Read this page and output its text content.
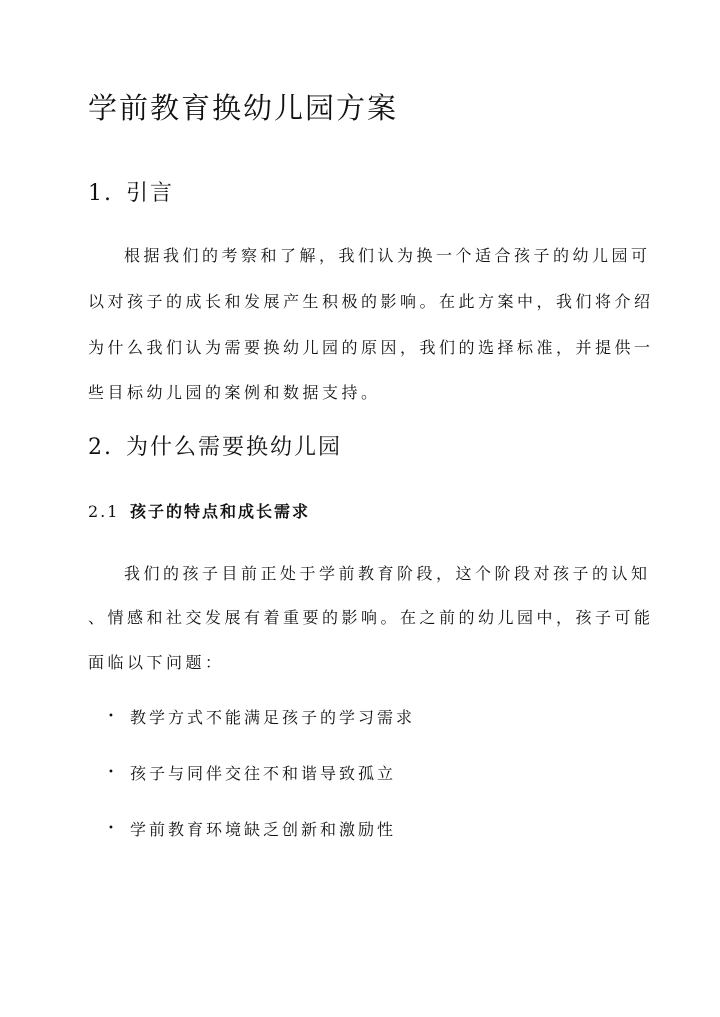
学前教育换幼儿园方案
1. 引言

根据我们的考察和了解，我们认为换一个适合孩子的幼儿园可

以对孩子的成长和发展产生积极的影响。在此方案中，我们将介绍

为什么我们认为需要换幼儿园的原因，我们的选择标准，并提供一

些目标幼儿园的案例和数据支持。

2. 为什么需要换幼儿园
2.1 孩子的特点和成长需求

我们的孩子目前正处于学前教育阶段，这个阶段对孩子的认知

、情感和社交发展有着重要的影响。在之前的幼儿园中，孩子可能

面临以下问题：

• 教学方式不能满足孩子的学习需求
• 孩子与同伴交往不和谐导致孤立
• 学前教育环境缺乏创新和激励性
